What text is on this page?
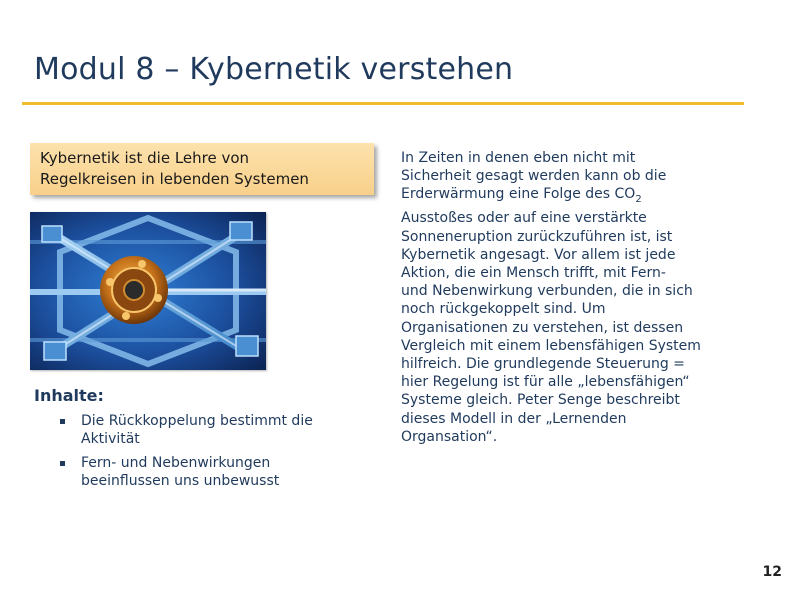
Modul 8 – Kybernetik verstehen
Kybernetik ist die Lehre von
Regelkreisen in lebenden Systemen
Inhalte:
Die Rückkoppelung bestimmt die
Aktivität
Fern- und Nebenwirkungen
beeinflussen uns unbewusst
In Zeiten in denen eben nicht mit
Sicherheit gesagt werden kann ob die
Erderwärmung eine Folge des $CO_2$
Ausstoßes oder auf eine verstärkte
Sonneneruption zurückzuführen ist, ist
Kybernetik angesagt. Vor allem ist jede
Aktion, die ein Mensch trifft, mit Fern-
und Nebenwirkung verbunden, die in sich
noch rückgekoppelt sind. Um
Organisationen zu verstehen, ist dessen
Vergleich mit einem lebensfähigen System
hilfreich. Die grundlegende Steuerung =
hier Regelung ist für alle „lebensfähigen“
Systeme gleich. Peter Senge beschreibt
dieses Modell in der „Lernenden
Organsation“.
12
